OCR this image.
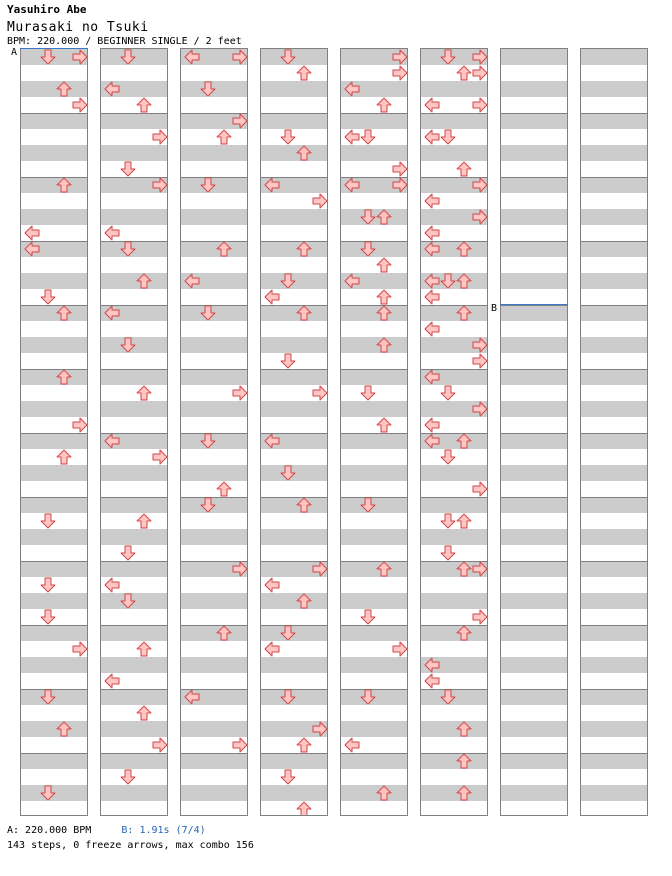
Yasuhiro Abe
Murasaki no Tsuki
BPM: 220.000 / BEGINNER SINGLE / 2 feet
A
B
A: 220.000 BPM	B: 1.91s (7/4)
143 steps, 0 freeze arrows, max combo 156
